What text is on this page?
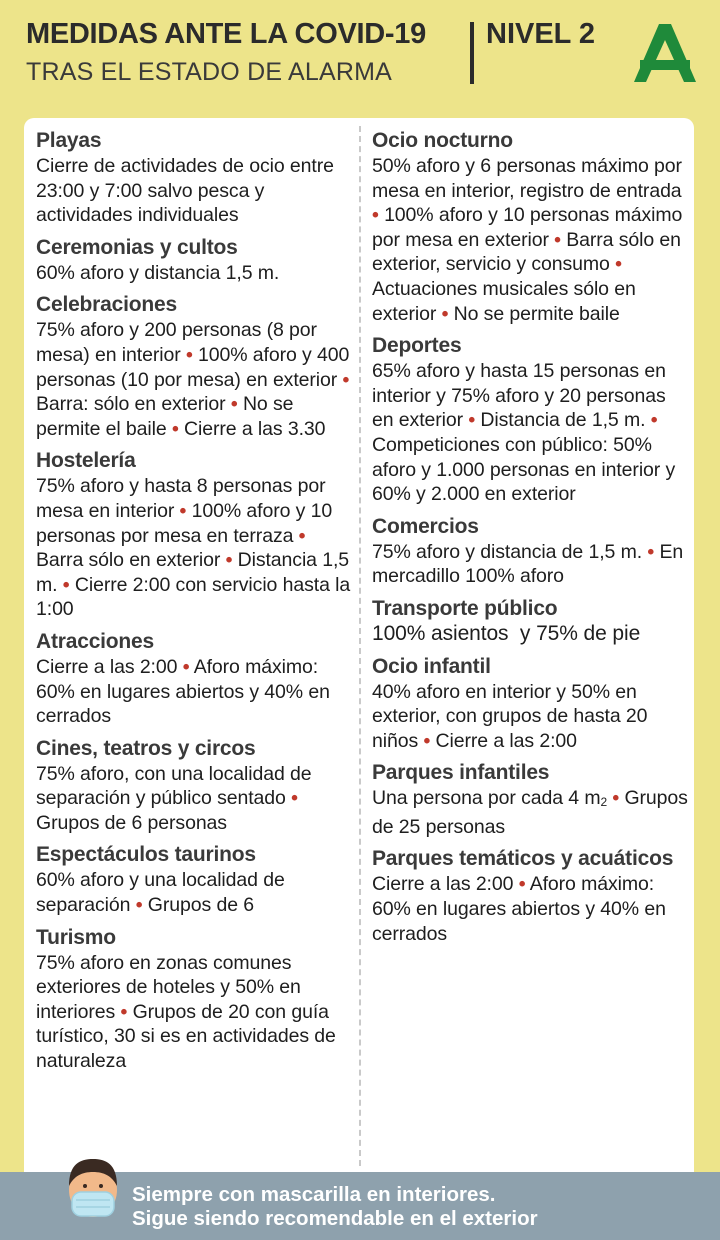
MEDIDAS ANTE LA COVID-19
TRAS EL ESTADO DE ALARMA
NIVEL 2
Playas
Cierre de actividades de ocio entre 23:00 y 7:00 salvo pesca y actividades individuales
Ceremonias y cultos
60% aforo y distancia 1,5 m.
Celebraciones
75% aforo y 200 personas (8 por mesa) en interior • 100% aforo y 400 personas (10 por mesa) en exterior • Barra: sólo en exterior • No se permite el baile • Cierre a las 3.30
Hostelería
75% aforo y hasta 8 personas por mesa en interior • 100% aforo y 10 personas por mesa en terraza • Barra sólo en exterior • Distancia 1,5 m. • Cierre 2:00 con servicio hasta la 1:00
Atracciones
Cierre a las 2:00 • Aforo máximo: 60% en lugares abiertos y 40% en cerrados
Cines, teatros y circos
75% aforo, con una localidad de separación y público sentado • Grupos de 6 personas
Espectáculos taurinos
60% aforo y una localidad de separación • Grupos de 6
Turismo
75% aforo en zonas comunes exteriores de hoteles y 50% en interiores • Grupos de 20 con guía turístico, 30 si es en actividades de naturaleza
Ocio nocturno
50% aforo y 6 personas máximo por mesa en interior, registro de entrada • 100% aforo y 10 personas máximo por mesa en exterior • Barra sólo en exterior, servicio y consumo • Actuaciones musicales sólo en exterior • No se permite baile
Deportes
65% aforo y hasta 15 personas en interior y 75% aforo y 20 personas en exterior • Distancia de 1,5 m. • Competiciones con público: 50% aforo y 1.000 personas en interior y 60% y 2.000 en exterior
Comercios
75% aforo y distancia de 1,5 m. • En mercadillo 100% aforo
Transporte público
100% asientos  y 75% de pie
Ocio infantil
40% aforo en interior y 50% en exterior, con grupos de hasta 20 niños • Cierre a las 2:00
Parques infantiles
Una persona por cada 4 m2 • Grupos de 25 personas
Parques temáticos y acuáticos
Cierre a las 2:00 • Aforo máximo: 60% en lugares abiertos y 40% en cerrados
Siempre con mascarilla en interiores.
Sigue siendo recomendable en el exterior
